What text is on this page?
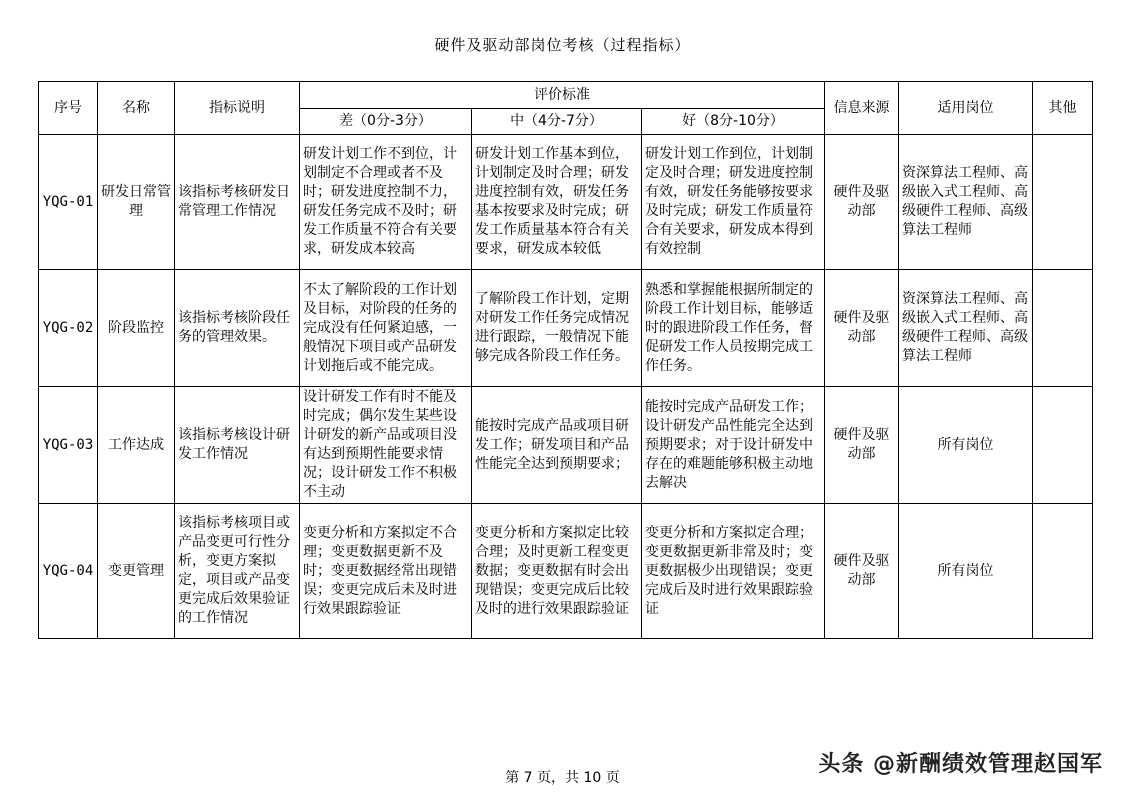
硬件及驱动部岗位考核（过程指标）
序号	名称	指标说明	评价标准			信息来源	适用岗位	其他
			差（0分-3分）	中（4分-7分）	好（8分-10分）			
YQG-01	研发日常管理	该指标考核研发日常管理工作情况	研发计划工作不到位，计划制定不合理或者不及时；研发进度控制不力，研发任务完成不及时；研发工作质量不符合有关要求，研发成本较高	研发计划工作基本到位，计划制定及时合理；研发进度控制有效，研发任务基本按要求及时完成；研发工作质量基本符合有关要求，研发成本较低	研发计划工作到位，计划制定及时合理；研发进度控制有效，研发任务能够按要求及时完成；研发工作质量符合有关要求，研发成本得到有效控制	硬件及驱动部	资深算法工程师、高级嵌入式工程师、高级硬件工程师、高级算法工程师	
YQG-02	阶段监控	该指标考核阶段任务的管理效果。	不太了解阶段的工作计划及目标，对阶段的任务的完成没有任何紧迫感，一般情况下项目或产品研发计划拖后或不能完成。	了解阶段工作计划，定期对研发工作任务完成情况进行跟踪，一般情况下能够完成各阶段工作任务。	熟悉和掌握能根据所制定的阶段工作计划目标，能够适时的跟进阶段工作任务，督促研发工作人员按期完成工作任务。	硬件及驱动部	资深算法工程师、高级嵌入式工程师、高级硬件工程师、高级算法工程师	
YQG-03	工作达成	该指标考核设计研发工作情况	设计研发工作有时不能及时完成；偶尔发生某些设计研发的新产品或项目没有达到预期性能要求情况；设计研发工作不积极不主动	能按时完成产品或项目研发工作；研发项目和产品性能完全达到预期要求；	能按时完成产品研发工作；设计研发产品性能完全达到预期要求；对于设计研发中存在的难题能够积极主动地去解决	硬件及驱动部	所有岗位	
YQG-04	变更管理	该指标考核项目或产品变更可行性分析，变更方案拟定，项目或产品变更完成后效果验证的工作情况	变更分析和方案拟定不合理；变更数据更新不及时；变更数据经常出现错误；变更完成后未及时进行效果跟踪验证	变更分析和方案拟定比较合理；及时更新工程变更数据；变更数据有时会出现错误；变更完成后比较及时的进行效果跟踪验证	变更分析和方案拟定合理；变更数据更新非常及时；变更数据极少出现错误；变更完成后及时进行效果跟踪验证	硬件及驱动部	所有岗位	
第 7 页，共 10 页
头条 @新酬绩效管理赵国军
